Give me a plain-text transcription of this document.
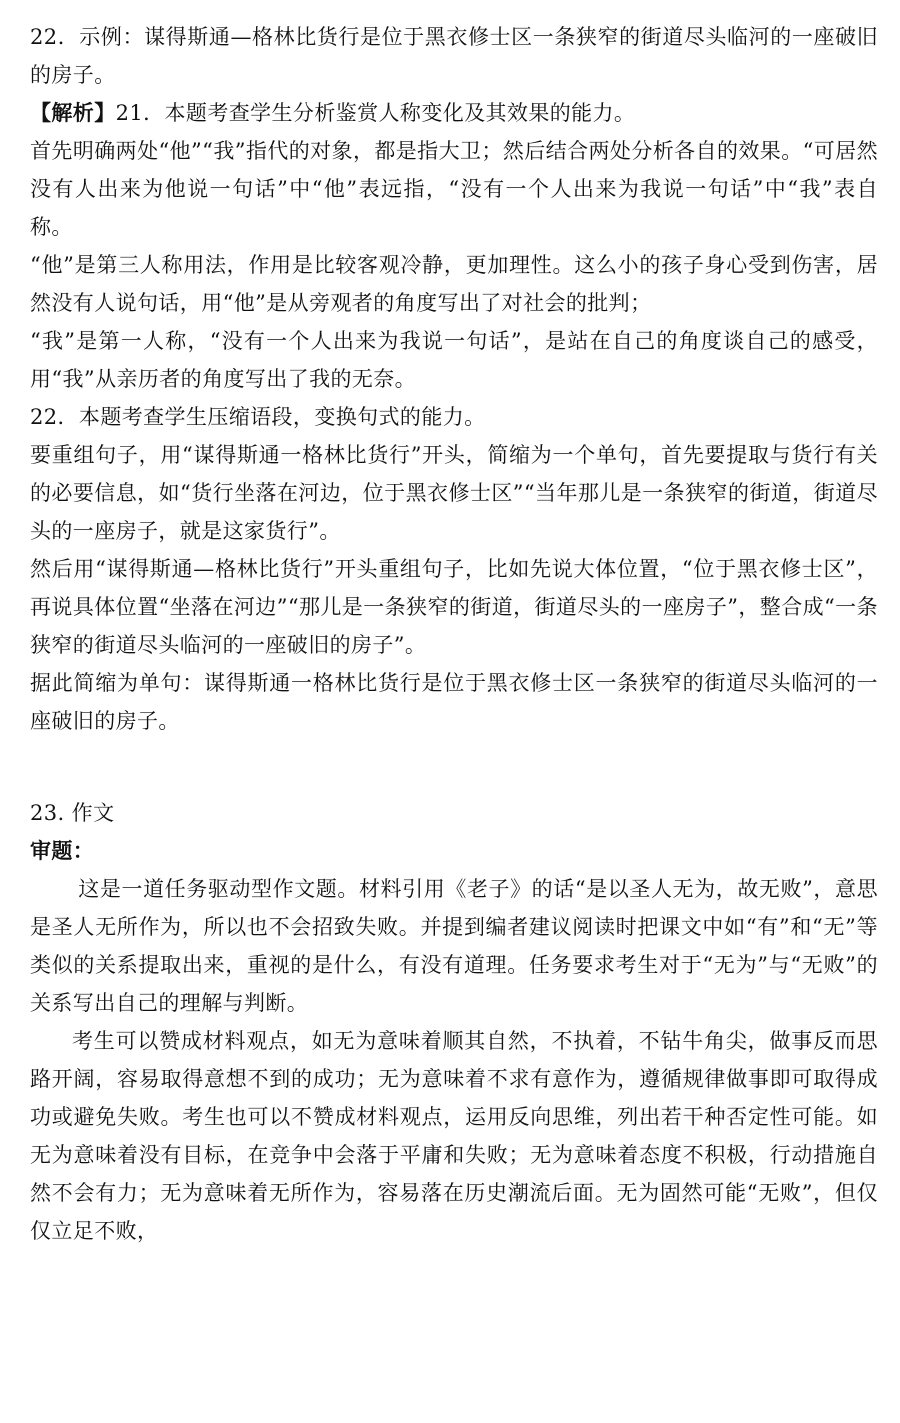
22．示例：谋得斯通—格林比货行是位于黑衣修士区一条狭窄的街道尽头临河的一座破旧的房子。

【解析】21．本题考查学生分析鉴赏人称变化及其效果的能力。

首先明确两处“他”“我”指代的对象，都是指大卫；然后结合两处分析各自的效果。“可居然没有人出来为他说一句话”中“他”表远指，“没有一个人出来为我说一句话”中“我”表自称。

“他”是第三人称用法，作用是比较客观冷静，更加理性。这么小的孩子身心受到伤害，居然没有人说句话，用“他”是从旁观者的角度写出了对社会的批判；

“我”是第一人称，“没有一个人出来为我说一句话”，是站在自己的角度谈自己的感受，用“我”从亲历者的角度写出了我的无奈。

22．本题考查学生压缩语段，变换句式的能力。

要重组句子，用“谋得斯通一格林比货行”开头，简缩为一个单句，首先要提取与货行有关的必要信息，如“货行坐落在河边，位于黑衣修士区”“当年那儿是一条狭窄的街道，街道尽头的一座房子，就是这家货行”。

然后用“谋得斯通—格林比货行”开头重组句子，比如先说大体位置，“位于黑衣修士区”，再说具体位置“坐落在河边”“那儿是一条狭窄的街道，街道尽头的一座房子”，整合成“一条狭窄的街道尽头临河的一座破旧的房子”。

据此简缩为单句：谋得斯通一格林比货行是位于黑衣修士区一条狭窄的街道尽头临河的一座破旧的房子。

23. 作文

审题：

这是一道任务驱动型作文题。材料引用《老子》的话“是以圣人无为，故无败”，意思是圣人无所作为，所以也不会招致失败。并提到编者建议阅读时把课文中如“有”和“无”等类似的关系提取出来，重视的是什么，有没有道理。任务要求考生对于“无为”与“无败”的关系写出自己的理解与判断。

考生可以赞成材料观点，如无为意味着顺其自然，不执着，不钻牛角尖，做事反而思路开阔，容易取得意想不到的成功；无为意味着不求有意作为，遵循规律做事即可取得成功或避免失败。考生也可以不赞成材料观点，运用反向思维，列出若干种否定性可能。如无为意味着没有目标，在竞争中会落于平庸和失败；无为意味着态度不积极，行动措施自然不会有力；无为意味着无所作为，容易落在历史潮流后面。无为固然可能“无败”，但仅仅立足不败，
